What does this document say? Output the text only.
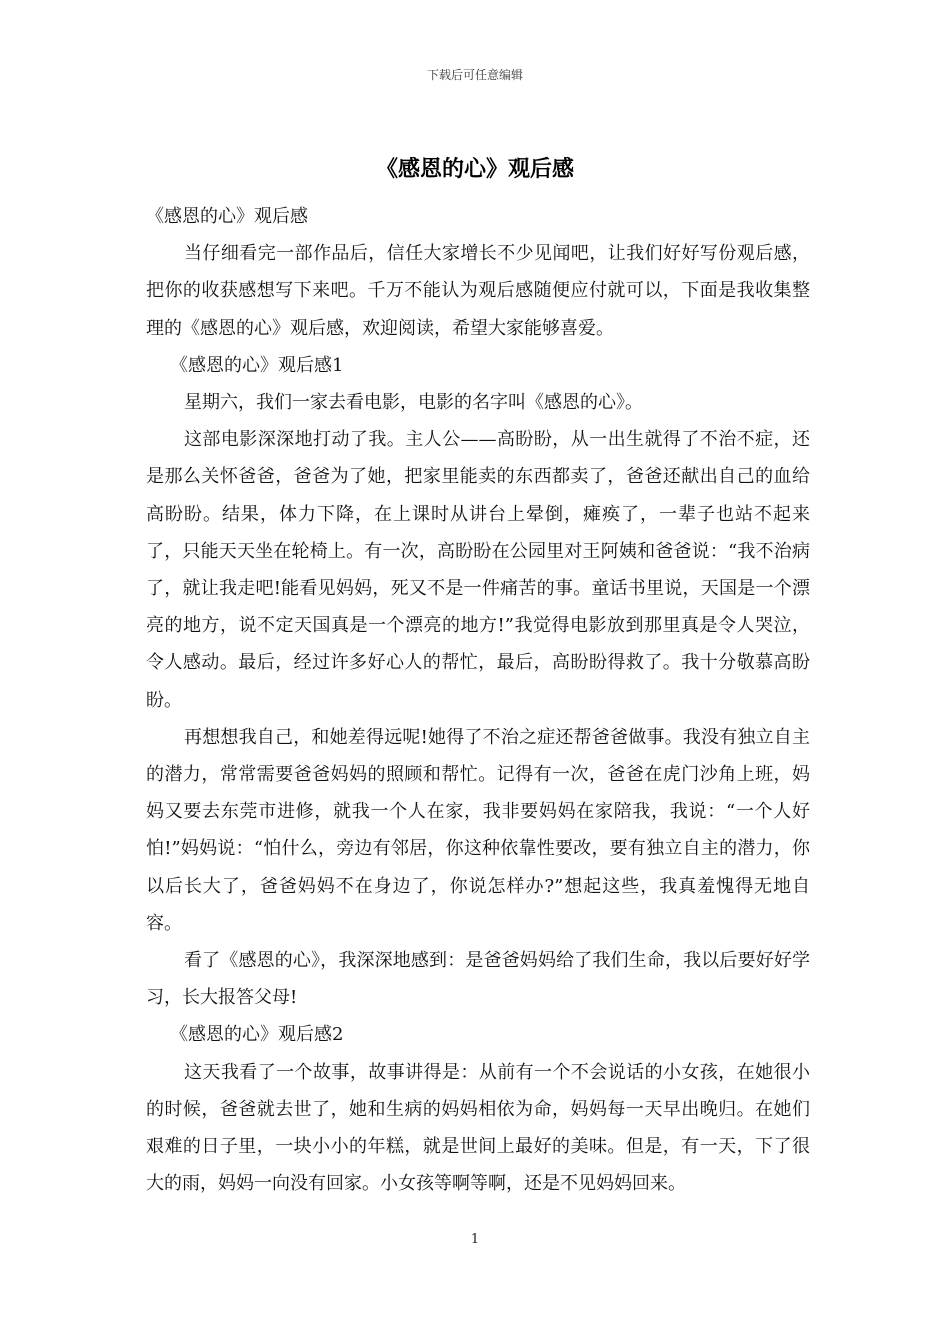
下载后可任意编辑
《感恩的心》观后感

《感恩的心》观后感

当仔细看完一部作品后，信任大家增长不少见闻吧，让我们好好写份观后感，把你的收获感想写下来吧。千万不能认为观后感随便应付就可以，下面是我收集整理的《感恩的心》观后感，欢迎阅读，希望大家能够喜爱。

《感恩的心》观后感1

星期六，我们一家去看电影，电影的名字叫《感恩的心》。

这部电影深深地打动了我。主人公——高盼盼，从一出生就得了不治不症，还是那么关怀爸爸，爸爸为了她，把家里能卖的东西都卖了，爸爸还献出自己的血给高盼盼。结果，体力下降，在上课时从讲台上晕倒，瘫痪了，一辈子也站不起来了，只能天天坐在轮椅上。有一次，高盼盼在公园里对王阿姨和爸爸说：“我不治病了，就让我走吧!能看见妈妈，死又不是一件痛苦的事。童话书里说，天国是一个漂亮的地方，说不定天国真是一个漂亮的地方!”我觉得电影放到那里真是令人哭泣，令人感动。最后，经过许多好心人的帮忙，最后，高盼盼得救了。我十分敬慕高盼盼。

再想想我自己，和她差得远呢!她得了不治之症还帮爸爸做事。我没有独立自主的潜力，常常需要爸爸妈妈的照顾和帮忙。记得有一次，爸爸在虎门沙角上班，妈妈又要去东莞市进修，就我一个人在家，我非要妈妈在家陪我，我说：“一个人好怕!”妈妈说：“怕什么，旁边有邻居，你这种依靠性要改，要有独立自主的潜力，你以后长大了，爸爸妈妈不在身边了，你说怎样办?”想起这些，我真羞愧得无地自容。

看了《感恩的心》，我深深地感到：是爸爸妈妈给了我们生命，我以后要好好学习，长大报答父母!

《感恩的心》观后感2

这天我看了一个故事，故事讲得是：从前有一个不会说话的小女孩，在她很小的时候，爸爸就去世了，她和生病的妈妈相依为命，妈妈每一天早出晚归。在她们艰难的日子里，一块小小的年糕，就是世间上最好的美味。但是，有一天，下了很大的雨，妈妈一向没有回家。小女孩等啊等啊，还是不见妈妈回来。

1
